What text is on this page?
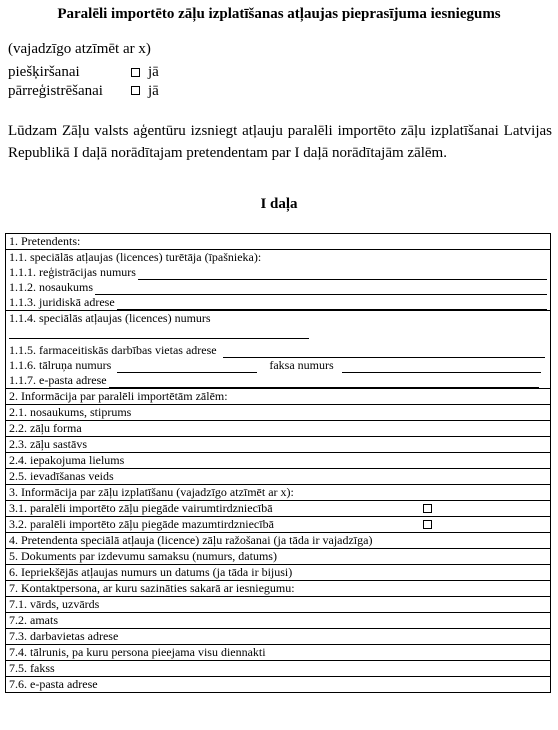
Paralēli importēto zāļu izplatīšanas atļaujas pieprasījuma iesniegums
(vajadzīgo atzīmēt ar x)
piešķiršanai	jā
pārreģistrēšanai	jā
Lūdzam Zāļu valsts aģentūru izsniegt atļauju paralēli importēto zāļu izplatīšanai Latvijas Republikā I daļā norādītajam pretendentam par I daļā norādītajām zālēm.
I daļa
1. Pretendents:

1.1. speciālās atļaujas (licences) turētāja (īpašnieka):
1.1.1. reģistrācijas numurs
1.1.2. nosaukums
1.1.3. juridiskā adrese

1.1.4. speciālās atļaujas (licences) numurs
1.1.5. farmaceitiskās darbības vietas adrese
1.1.6. tālruņa numurs	faksa numurs
1.1.7. e-pasta adrese

2. Informācija par paralēli importētām zālēm:
2.1. nosaukums, stiprums
2.2. zāļu forma
2.3. zāļu sastāvs
2.4. iepakojuma lielums
2.5. ievadīšanas veids
3. Informācija par zāļu izplatīšanu (vajadzīgo atzīmēt ar x):
3.1. paralēli importēto zāļu piegāde vairumtirdzniecībā

3.2. paralēli importēto zāļu piegāde mazumtirdzniecībā

4. Pretendenta speciālā atļauja (licence) zāļu ražošanai (ja tāda ir vajadzīga)
5. Dokuments par izdevumu samaksu (numurs, datums)
6. Iepriekšējās atļaujas numurs un datums (ja tāda ir bijusi)
7. Kontaktpersona, ar kuru sazināties sakarā ar iesniegumu:
7.1. vārds, uzvārds
7.2. amats
7.3. darbavietas adrese
7.4. tālrunis, pa kuru persona pieejama visu diennakti
7.5. fakss
7.6. e-pasta adrese
